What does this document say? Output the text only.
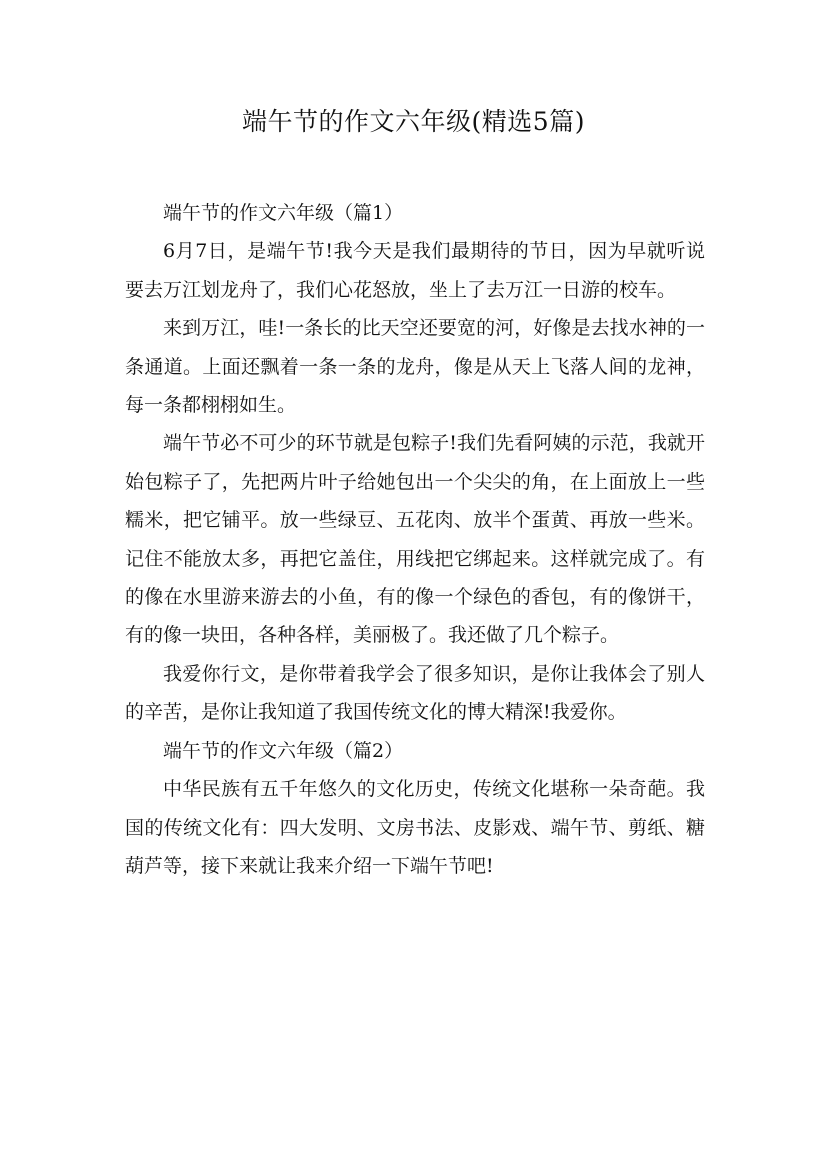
端午节的作文六年级(精选5篇)

端午节的作文六年级（篇1）

6月7日，是端午节!我今天是我们最期待的节日，因为早就听说要去万江划龙舟了，我们心花怒放，坐上了去万江一日游的校车。

来到万江，哇!一条长的比天空还要宽的河，好像是去找水神的一条通道。上面还飘着一条一条的龙舟，像是从天上飞落人间的龙神，每一条都栩栩如生。

端午节必不可少的环节就是包粽子!我们先看阿姨的示范，我就开始包粽子了，先把两片叶子给她包出一个尖尖的角，在上面放上一些糯米，把它铺平。放一些绿豆、五花肉、放半个蛋黄、再放一些米。记住不能放太多，再把它盖住，用线把它绑起来。这样就完成了。有的像在水里游来游去的小鱼，有的像一个绿色的香包，有的像饼干，有的像一块田，各种各样，美丽极了。我还做了几个粽子。

我爱你行文，是你带着我学会了很多知识，是你让我体会了别人的辛苦，是你让我知道了我国传统文化的博大精深!我爱你。

端午节的作文六年级（篇2）

中华民族有五千年悠久的文化历史，传统文化堪称一朵奇葩。我国的传统文化有：四大发明、文房书法、皮影戏、端午节、剪纸、糖葫芦等，接下来就让我来介绍一下端午节吧!
